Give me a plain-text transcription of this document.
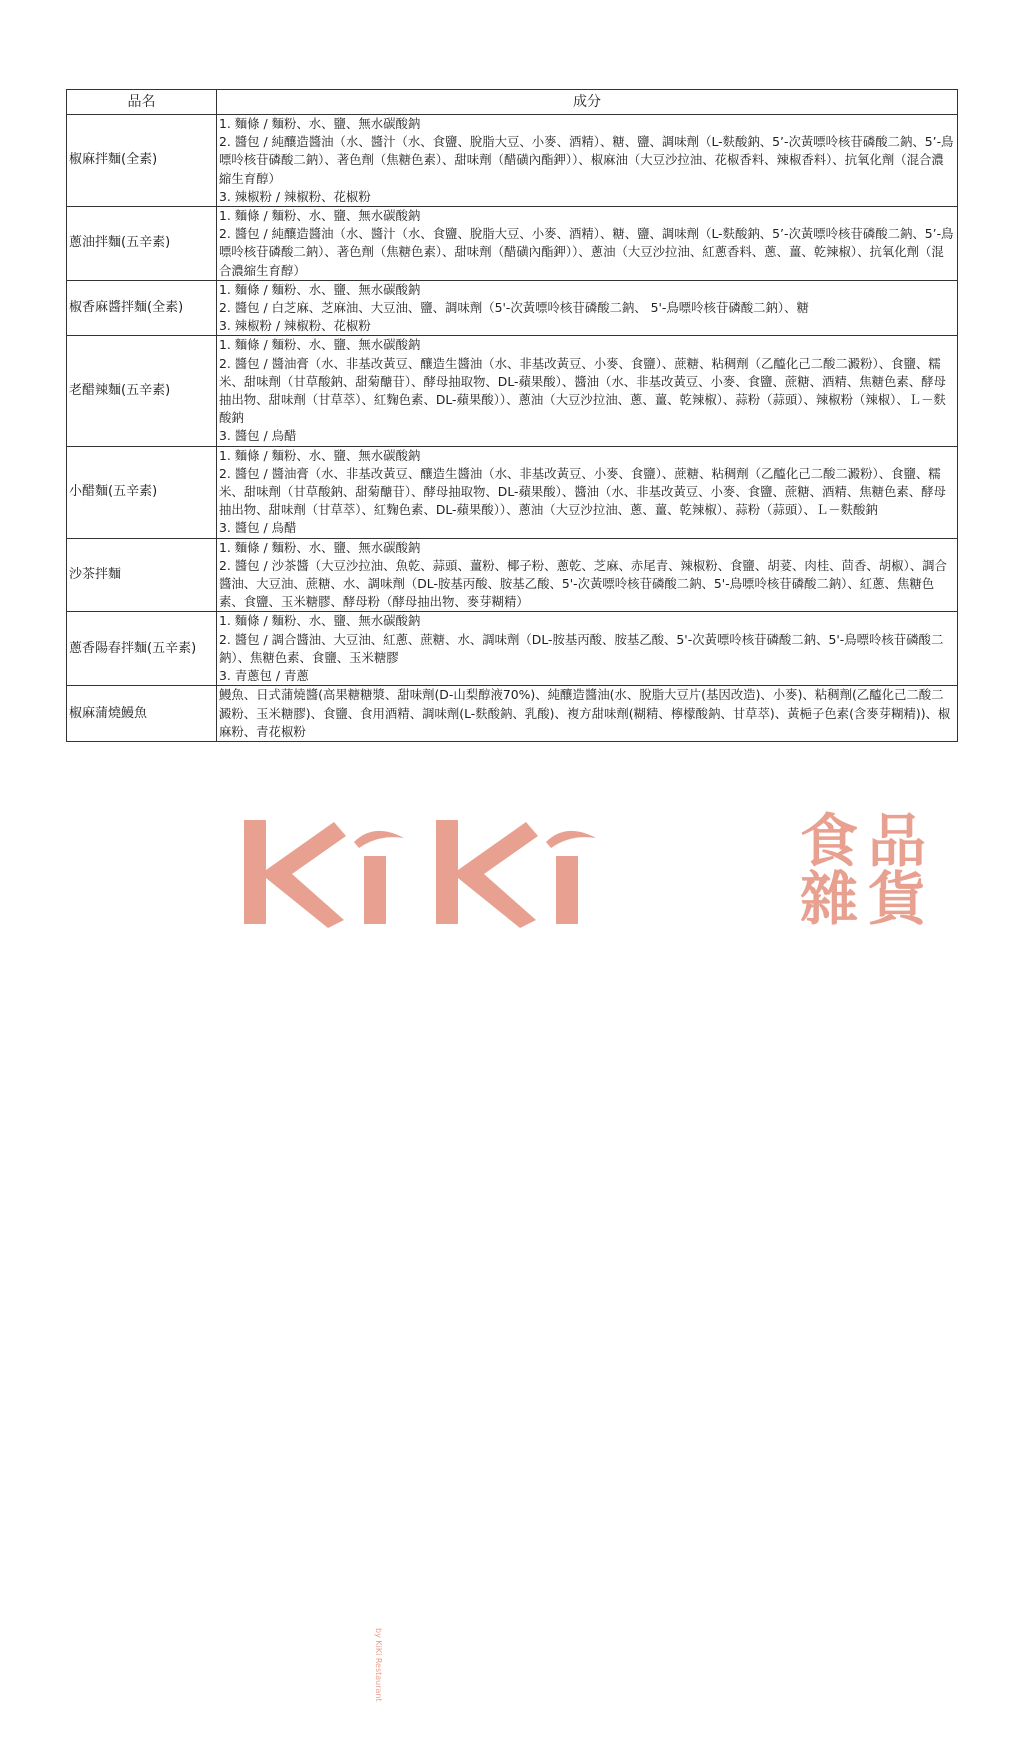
品名	成分
椒麻拌麵(全素)	1. 麵條 / 麵粉、水、鹽、無水碳酸鈉
2. 醬包 / 純釀造醬油（水、醬汁（水、食鹽、脫脂大豆、小麥、酒精）、糖、鹽、調味劑（L-麩酸鈉、5’-次黃嘌呤核苷磷酸二鈉、5’-鳥嘌呤核苷磷酸二鈉）、著色劑（焦糖色素）、甜味劑（醋磺內酯鉀））、椒麻油（大豆沙拉油、花椒香料、辣椒香料）、抗氧化劑（混合濃縮生育醇）
3. 辣椒粉 / 辣椒粉、花椒粉

蔥油拌麵(五辛素)	1. 麵條 / 麵粉、水、鹽、無水碳酸鈉
2. 醬包 / 純釀造醬油（水、醬汁（水、食鹽、脫脂大豆、小麥、酒精）、糖、鹽、調味劑（L-麩酸鈉、5’-次黃嘌呤核苷磷酸二鈉、5’-鳥嘌呤核苷磷酸二鈉）、著色劑（焦糖色素）、甜味劑（醋磺內酯鉀））、蔥油（大豆沙拉油、紅蔥香料、蔥、薑、乾辣椒）、抗氧化劑（混合濃縮生育醇）

椒香麻醬拌麵(全素)	1. 麵條 / 麵粉、水、鹽、無水碳酸鈉
2. 醬包 / 白芝麻、芝麻油、大豆油、鹽、調味劑（5'-次黃嘌呤核苷磷酸二鈉、 5'-鳥嘌呤核苷磷酸二鈉）、糖
3. 辣椒粉 / 辣椒粉、花椒粉

老醋辣麵(五辛素)	1. 麵條 / 麵粉、水、鹽、無水碳酸鈉
2. 醬包 / 醬油膏（水、非基改黃豆、釀造生醬油（水、非基改黃豆、小麥、食鹽）、蔗糖、粘稠劑（乙醯化己二酸二澱粉）、食鹽、糯米、甜味劑（甘草酸鈉、甜菊醣苷）、酵母抽取物、DL-蘋果酸）、醬油（水、非基改黃豆、小麥、食鹽、蔗糖、酒精、焦糖色素、酵母抽出物、甜味劑（甘草萃）、紅麴色素、DL-蘋果酸））、蔥油（大豆沙拉油、蔥、薑、乾辣椒）、蒜粉（蒜頭）、辣椒粉（辣椒）、Ｌ－麩酸鈉
3. 醬包 / 烏醋

小醋麵(五辛素)	1. 麵條 / 麵粉、水、鹽、無水碳酸鈉
2. 醬包 / 醬油膏（水、非基改黃豆、釀造生醬油（水、非基改黃豆、小麥、食鹽）、蔗糖、粘稠劑（乙醯化己二酸二澱粉）、食鹽、糯米、甜味劑（甘草酸鈉、甜菊醣苷）、酵母抽取物、DL-蘋果酸）、醬油（水、非基改黃豆、小麥、食鹽、蔗糖、酒精、焦糖色素、酵母抽出物、甜味劑（甘草萃）、紅麴色素、DL-蘋果酸））、蔥油（大豆沙拉油、蔥、薑、乾辣椒）、蒜粉（蒜頭）、Ｌ－麩酸鈉
3. 醬包 / 烏醋

沙茶拌麵	1. 麵條 / 麵粉、水、鹽、無水碳酸鈉
2. 醬包 / 沙茶醬（大豆沙拉油、魚乾、蒜頭、薑粉、椰子粉、蔥乾、芝麻、赤尾青、辣椒粉、食鹽、胡荽、肉桂、茴香、胡椒）、調合醬油、大豆油、蔗糖、水、調味劑（DL-胺基丙酸、胺基乙酸、5'-次黃嘌呤核苷磷酸二鈉、5'-鳥嘌呤核苷磷酸二鈉）、紅蔥、焦糖色素、食鹽、玉米糖膠、酵母粉（酵母抽出物、麥芽糊精）

蔥香陽春拌麵(五辛素)	1. 麵條 / 麵粉、水、鹽、無水碳酸鈉
2. 醬包 / 調合醬油、大豆油、紅蔥、蔗糖、水、調味劑（DL-胺基丙酸、胺基乙酸、5'-次黃嘌呤核苷磷酸二鈉、5'-鳥嘌呤核苷磷酸二鈉）、焦糖色素、食鹽、玉米糖膠
3. 青蔥包 / 青蔥

椒麻蒲燒鰻魚	鰻魚、日式蒲燒醬(高果糖糖漿、甜味劑(D-山梨醇液70%)、純釀造醬油(水、脫脂大豆片(基因改造)、小麥)、粘稠劑(乙醯化己二酸二澱粉、玉米糖膠)、食鹽、食用酒精、調味劑(L-麩酸鈉、乳酸)、複方甜味劑(糊精、檸檬酸鈉、甘草萃)、黃梔子色素(含麥芽糊精))、椒麻粉、青花椒粉
by KiKi Restaurant
KiKi	食品
雜貨
